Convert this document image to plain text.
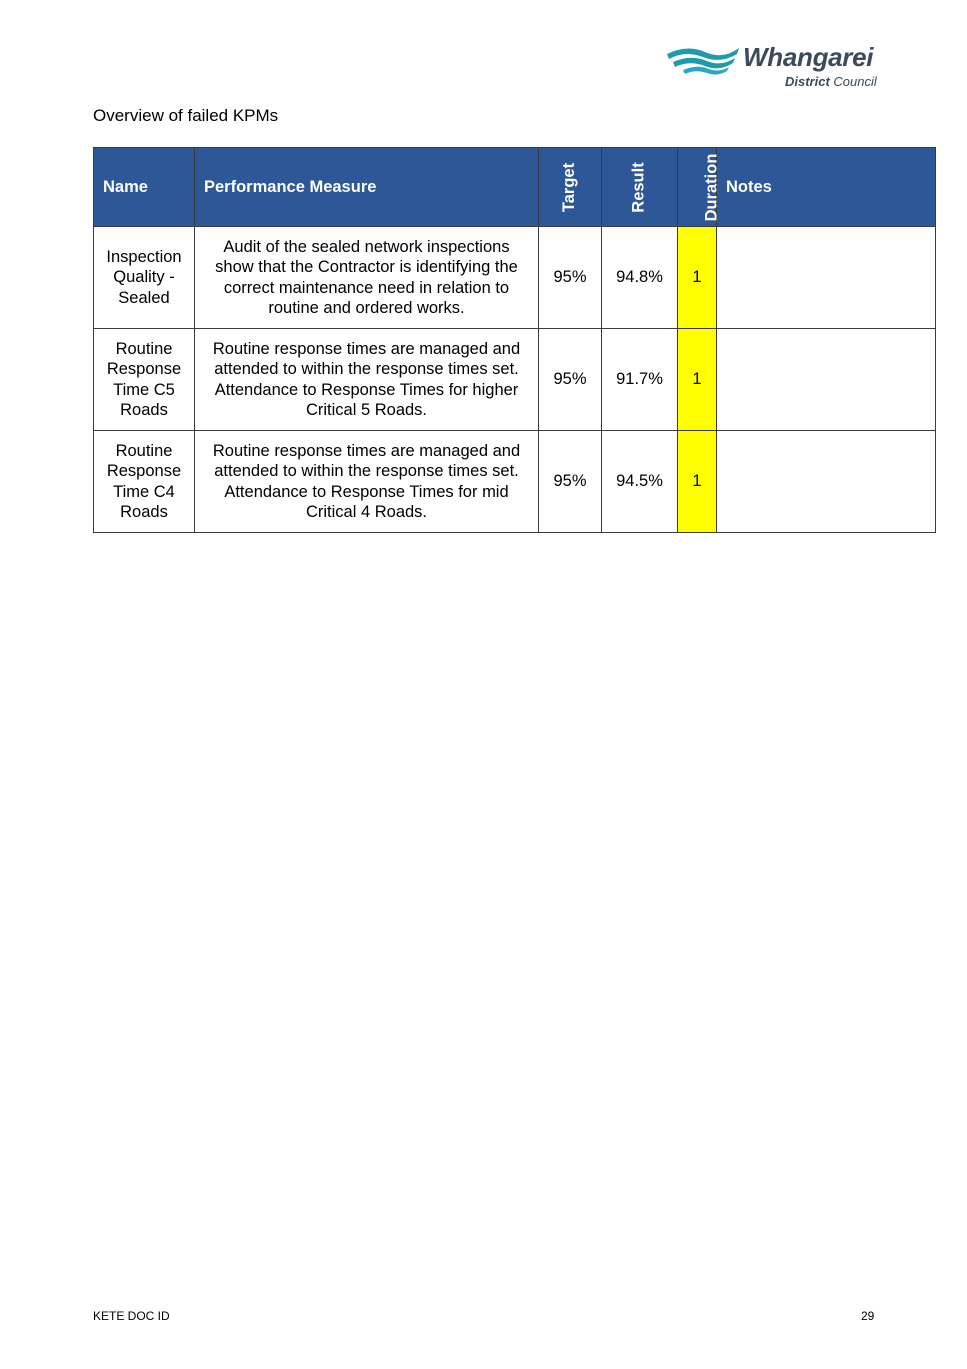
Whangarei
District Council
Overview of failed KPMs
Name	Performance Measure	Target	Result	Duration	Notes

Inspection Quality - Sealed	Audit of the sealed network inspections show that the Contractor is identifying the correct maintenance need in relation to routine and ordered works.	95%	94.8%	1	

Routine Response Time C5 Roads	Routine response times are managed and attended to within the response times set. Attendance to Response Times for higher Critical 5 Roads.	95%	91.7%	1	

Routine Response Time C4 Roads	Routine response times are managed and attended to within the response times set. Attendance to Response Times for mid Critical 4 Roads.	95%	94.5%	1	
KETE DOC ID	29
